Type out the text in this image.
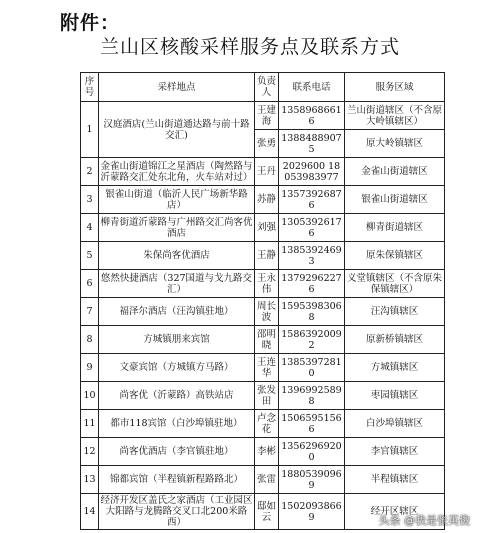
附件：
兰山区核酸采样服务点及联系方式
序号	采样地点	负责人	联系电话	服务区域
1	汉庭酒店(兰山街道通达路与前十路交汇)	王建海	13589686616	兰山街道辖区（不含原大岭镇辖区）
		张勇	13884889075	原大岭镇辖区
2	金雀山街道锦江之星酒店（陶然路与沂蒙路交汇处东北角，火车站对过）	王丹	2029600 18053983977	金雀山街道辖区
3	银雀山街道（临沂人民广场新华路店）	苏静	13573926876	银雀山街道辖区
4	柳青街道沂蒙路与广州路交汇尚客优酒店	刘强	13053926176	柳青街道辖区
5	朱保尚客优酒店	王静	13853924693	原朱保镇辖区
6	悠然快捷酒店（327国道与戈九路交汇）	王永伟	13792962276	义堂镇辖区（不含原朱保镇辖区）
7	福泽尔酒店（汪沟镇驻地）	周长波	15953983068	汪沟镇辖区
8	方城镇朋来宾馆	邵明晓	15863920092	原新桥镇辖区
9	文豪宾馆（方城镇方马路）	王连华	13853972810	方城镇辖区
10	尚客优（沂蒙路）高铁站店	张发田	13969925898	枣园镇辖区
11	都市118宾馆（白沙埠镇驻地）	卢念花	15065951566	白沙埠镇辖区
12	尚客优酒店（李官镇驻地）	李彬	13562969200	李官镇辖区
13	锦都宾馆（半程镇新程路路北）	张雷	18805390969	半程镇辖区
14	经济开发区盖氏之家酒店（工业园区大阳路与龙腾路交叉口北200米路西）	邸如云	15020938669	经开区辖区
头条 @我是张英俊
